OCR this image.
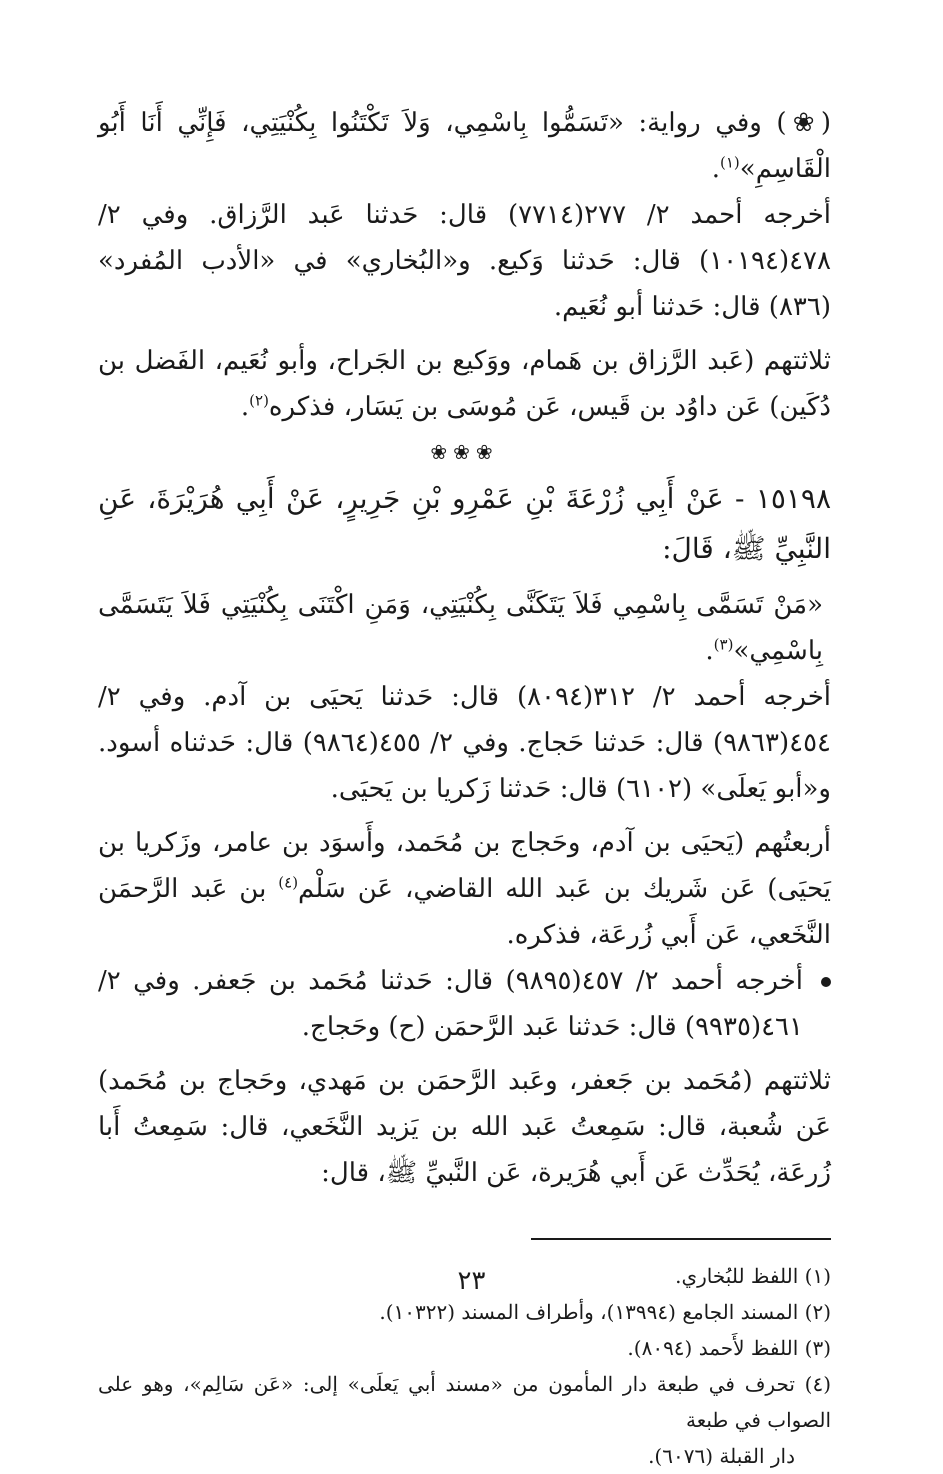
(❀) وفي رواية: «تَسَمُّوا بِاسْمِي، وَلاَ تَكْتَنُوا بِكُنْيَتِي، فَإِنِّي أَنَا أَبُو الْقَاسِمِ»$^{(١)}$.

أخرجه أحمد ٢/ ٢٧٧(٧٧١٤) قال: حَدثنا عَبد الرَّزاق. وفي ٢/ ٤٧٨(١٠١٩٤) قال: حَدثنا وَكيع. و«البُخاري» في «الأدب المُفرد» (٨٣٦) قال: حَدثنا أبو نُعَيم.

ثلاثتهم (عَبد الرَّزاق بن هَمام، ووَكيع بن الجَراح، وأبو نُعَيم، الفَضل بن دُكَين) عَن داوُد بن قَيس، عَن مُوسَى بن يَسَار، فذكره$^{(٢)}$.

❀❀❀

١٥١٩٨ - عَنْ أَبِي زُرْعَةَ بْنِ عَمْرِو بْنِ جَرِيرٍ، عَنْ أَبِي هُرَيْرَةَ، عَنِ النَّبِيِّ ﷺ، قَالَ:

«مَنْ تَسَمَّى بِاسْمِي فَلاَ يَتَكَنَّى بِكُنْيَتِي، وَمَنِ اكْتَنَى بِكُنْيَتِي فَلاَ يَتَسَمَّى بِاسْمِي»$^{(٣)}$.

أخرجه أحمد ٢/ ٣١٢(٨٠٩٤) قال: حَدثنا يَحيَى بن آدم. وفي ٢/ ٤٥٤(٩٨٦٣) قال: حَدثنا حَجاج. وفي ٢/ ٤٥٥(٩٨٦٤) قال: حَدثناه أسود. و«أبو يَعلَى» (٦١٠٢) قال: حَدثنا زَكريا بن يَحيَى.

أربعتُهم (يَحيَى بن آدم، وحَجاج بن مُحَمد، وأَسوَد بن عامر، وزَكريا بن يَحيَى) عَن شَريك بن عَبد الله القاضي، عَن سَلْم$^{(٤)}$ بن عَبد الرَّحمَن النَّخَعي، عَن أَبي زُرعَة، فذكره.

أخرجه أحمد ٢/ ٤٥٧(٩٨٩٥) قال: حَدثنا مُحَمد بن جَعفر. وفي ٢/ ٤٦١(٩٩٣٥) قال: حَدثنا عَبد الرَّحمَن (ح) وحَجاج.

ثلاثتهم (مُحَمد بن جَعفر، وعَبد الرَّحمَن بن مَهدي، وحَجاج بن مُحَمد) عَن شُعبة، قال: سَمِعتُ عَبد الله بن يَزيد النَّخَعي، قال: سَمِعتُ أَبا زُرعَة، يُحَدِّث عَن أَبي هُرَيرة، عَن النَّبيِّ ﷺ، قال:

(١) اللفظ للبُخاري.

(٢) المسند الجامع (١٣٩٩٤)، وأطراف المسند (١٠٣٢٢).

(٣) اللفظ لأَحمد (٨٠٩٤).

(٤) تحرف في طبعة دار المأمون من «مسند أبي يَعلَى» إلى: «عَن سَالِم»، وهو على الصواب في طبعة

دار القبلة (٦٠٧٦).

٢٣
